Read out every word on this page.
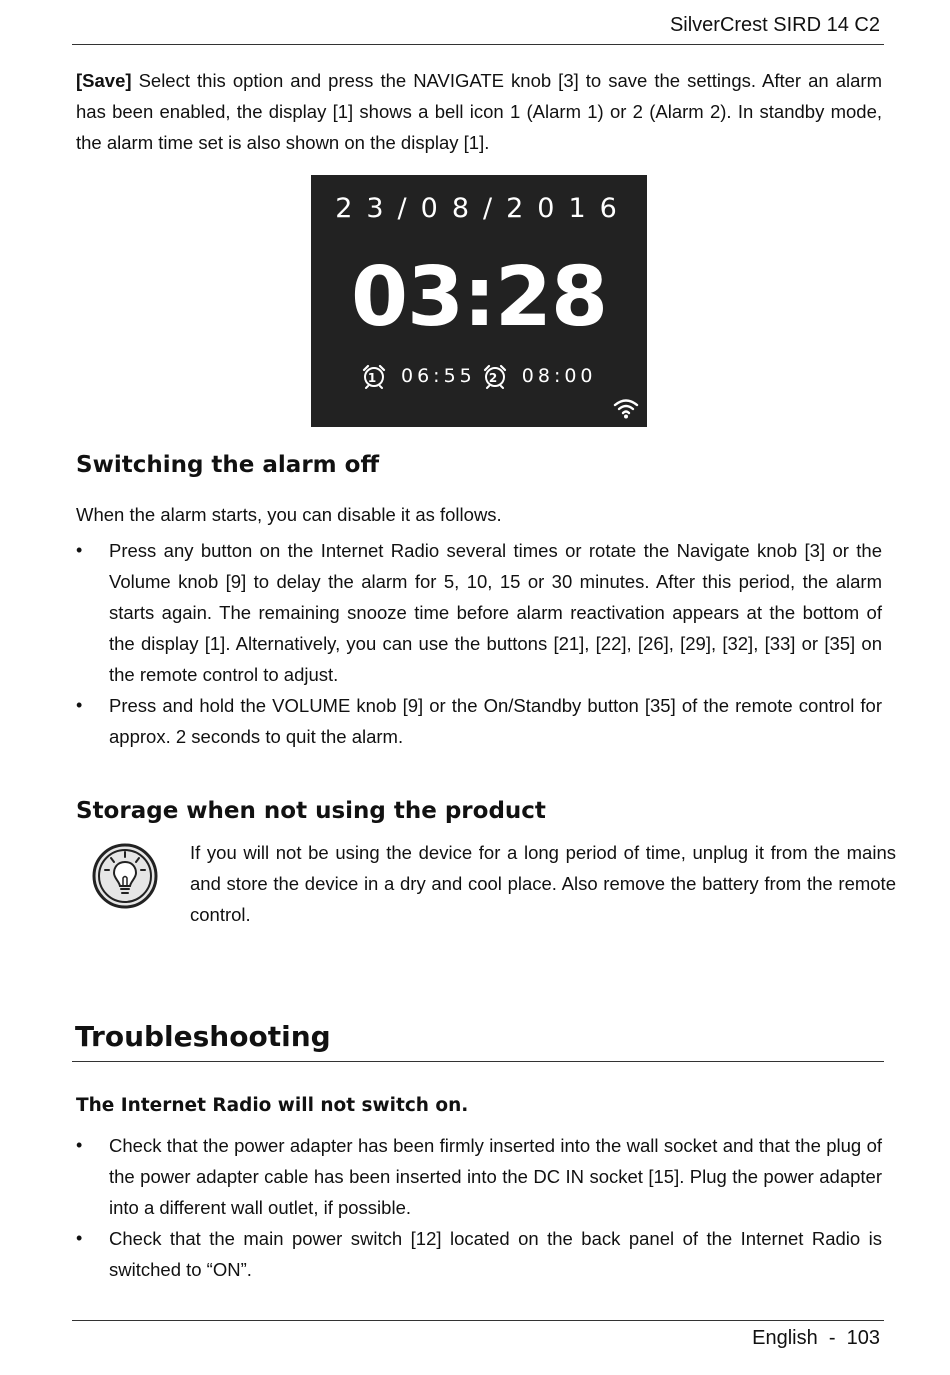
SilverCrest SIRD 14 C2
[Save] Select this option and press the NAVIGATE knob [3] to save the settings. After an alarm has been enabled, the display [1] shows a bell icon 1 (Alarm 1) or 2 (Alarm 2). In standby mode, the alarm time set is also shown on the display [1].
23/08/2016
03:28
1 06:55 2 08:00
Switching the alarm off
When the alarm starts, you can disable it as follows.
• Press any button on the Internet Radio several times or rotate the Navigate knob [3] or the Volume knob [9] to delay the alarm for 5, 10, 15 or 30 minutes. After this period, the alarm starts again. The remaining snooze time before alarm reactivation appears at the bottom of the display [1]. Alternatively, you can use the buttons [21], [22], [26], [29], [32], [33] or [35] on the remote control to adjust.
• Press and hold the VOLUME knob [9] or the On/Standby button [35] of the remote control for approx. 2 seconds to quit the alarm.
Storage when not using the product
If you will not be using the device for a long period of time, unplug it from the mains and store the device in a dry and cool place. Also remove the battery from the remote control.
Troubleshooting
The Internet Radio will not switch on.
• Check that the power adapter has been firmly inserted into the wall socket and that the plug of the power adapter cable has been inserted into the DC IN socket [15]. Plug the power adapter into a different wall outlet, if possible.
• Check that the main power switch [12] located on the back panel of the Internet Radio is switched to “ON”.
English  -  103
